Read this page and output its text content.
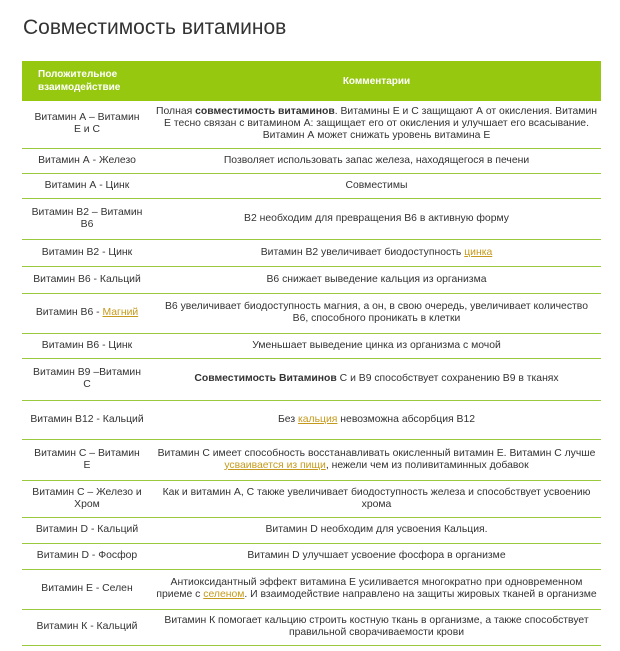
Совместимость витаминов
Положительное взаимодействие	Комментарии
Витамин А – Витамин Е и С	Полная совместимость витаминов. Витамины Е и С защищают А от окисления. Витамин Е тесно связан с витамином А: защищает его от окисления и улучшает его всасывание. Витамин А может снижать уровень витамина Е
Витамин А - Железо	Позволяет использовать запас железа, находящегося в печени
Витамин А - Цинк	Совместимы
Витамин В2 – Витамин В6	В2 необходим для превращения В6 в активную форму
Витамин В2 - Цинк	Витамин В2 увеличивает биодоступность цинка
Витамин В6 - Кальций	В6 снижает выведение кальция из организма
Витамин В6 - Магний	В6 увеличивает биодоступность магния, а он, в свою очередь, увеличивает количество В6, способного проникать в клетки
Витамин В6 - Цинк	Уменьшает выведение цинка из организма с мочой
Витамин В9 –Витамин С	Совместимость Витаминов С и В9 способствует сохранению В9 в тканях
Витамин В12 - Кальций	Без кальция невозможна абсорбция В12
Витамин С – Витамин Е	Витамин С имеет способность восстанавливать окисленный витамин Е. Витамин С лучше усваивается из пищи, нежели чем из поливитаминных добавок
Витамин С – Железо и Хром	Как и витамин А, С также увеличивает биодоступность железа и способствует усвоению хрома
Витамин D - Кальций	Витамин D необходим для усвоения Кальция.
Витамин D - Фосфор	Витамин D улучшает усвоение фосфора в организме
Витамин Е - Селен	Антиоксидантный эффект витамина Е усиливается многократно при одновременном приеме с селеном. И взаимодействие направлено на защиты жировых тканей в организме
Витамин К - Кальций	Витамин К помогает кальцию строить костную ткань в организме, а также способствует правильной сворачиваемости крови
